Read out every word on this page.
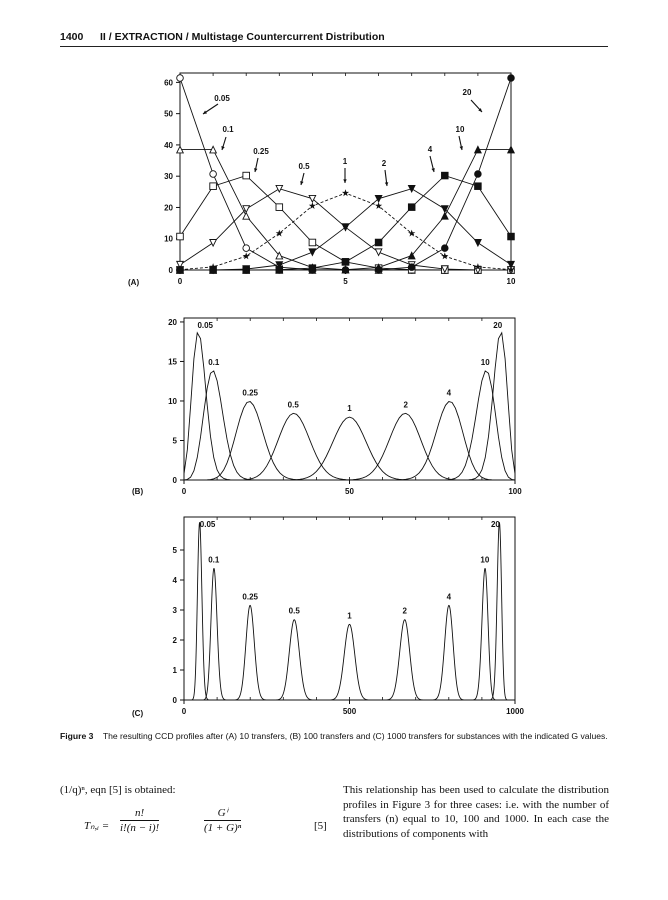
1400 II / EXTRACTION / Multistage Countercurrent Distribution
0
10
20
30
40
50
60
0	5	10
(A)
0.05
0.1
0.25
0.5
1	2
4
10
20
0
5
10
15
20
0	50	100
(B)
0.05
0.1
0.25
0.5	1	2
4
10
20
0
1
2
3
4
5
0	500	1000
(C)
0.05
0.1
0.25
0.5
1
2
4
10
20
Figure 3 The resulting CCD profiles after (A) 10 transfers, (B) 100 transfers and (C) 1000 transfers for substances with the indicated G values.
(1/q)ⁿ, eqn [5] is obtained:
Tₙ,ᵢ = $\frac{n!}{i!(n - i)!}$	$\frac{\text{Gⁱ}}{\text{(1 + G)ⁿ}}$	[5]
This relationship has been used to calculate the distribution profiles in Figure 3 for three cases: i.e. with the number of transfers (n) equal to 10, 100 and 1000. In each case the distributions of components with
